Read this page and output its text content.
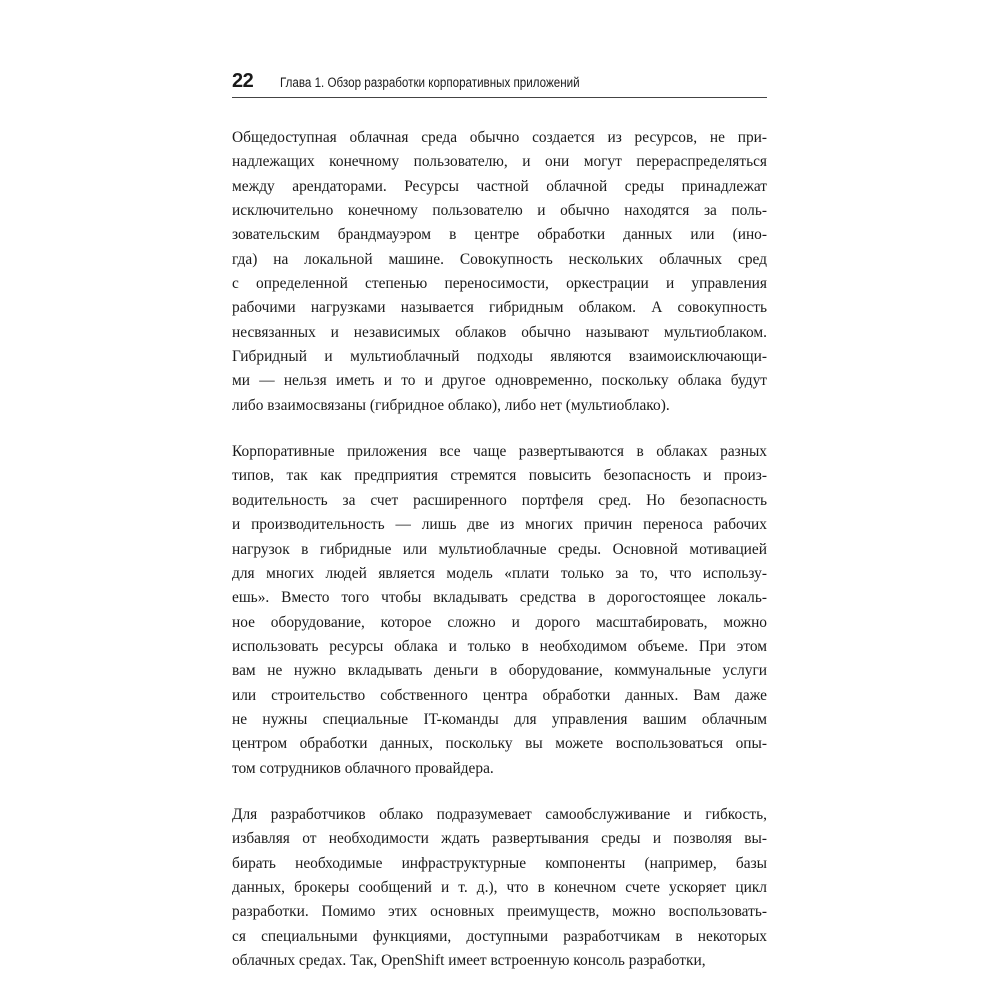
22	Глава 1. Обзор разработки корпоративных приложений
Общедоступная облачная среда обычно создается из ресурсов, не при-
надлежащих конечному пользователю, и они могут перераспределяться
между арендаторами. Ресурсы частной облачной среды принадлежат
исключительно конечному пользователю и обычно находятся за поль-
зовательским брандмауэром в центре обработки данных или (ино-
гда) на локальной машине. Совокупность нескольких облачных сред
с определенной степенью переносимости, оркестрации и управления
рабочими нагрузками называется гибридным облаком. А совокупность
несвязанных и независимых облаков обычно называют мультиоблаком.
Гибридный и мультиоблачный подходы являются взаимоисключающи-
ми — нельзя иметь и то и другое одновременно, поскольку облака будут
либо взаимосвязаны (гибридное облако), либо нет (мультиоблако).
Корпоративные приложения все чаще развертываются в облаках разных
типов, так как предприятия стремятся повысить безопасность и произ-
водительность за счет расширенного портфеля сред. Но безопасность
и производительность — лишь две из многих причин переноса рабочих
нагрузок в гибридные или мультиоблачные среды. Основной мотивацией
для многих людей является модель «плати только за то, что использу-
ешь». Вместо того чтобы вкладывать средства в дорогостоящее локаль-
ное оборудование, которое сложно и дорого масштабировать, можно
использовать ресурсы облака и только в необходимом объеме. При этом
вам не нужно вкладывать деньги в оборудование, коммунальные услуги
или строительство собственного центра обработки данных. Вам даже
не нужны специальные IT-команды для управления вашим облачным
центром обработки данных, поскольку вы можете воспользоваться опы-
том сотрудников облачного провайдера.
Для разработчиков облако подразумевает самообслуживание и гибкость,
избавляя от необходимости ждать развертывания среды и позволяя вы-
бирать необходимые инфраструктурные компоненты (например, базы
данных, брокеры сообщений и т. д.), что в конечном счете ускоряет цикл
разработки. Помимо этих основных преимуществ, можно воспользовать-
ся специальными функциями, доступными разработчикам в некоторых
облачных средах. Так, OpenShift имеет встроенную консоль разработки,
